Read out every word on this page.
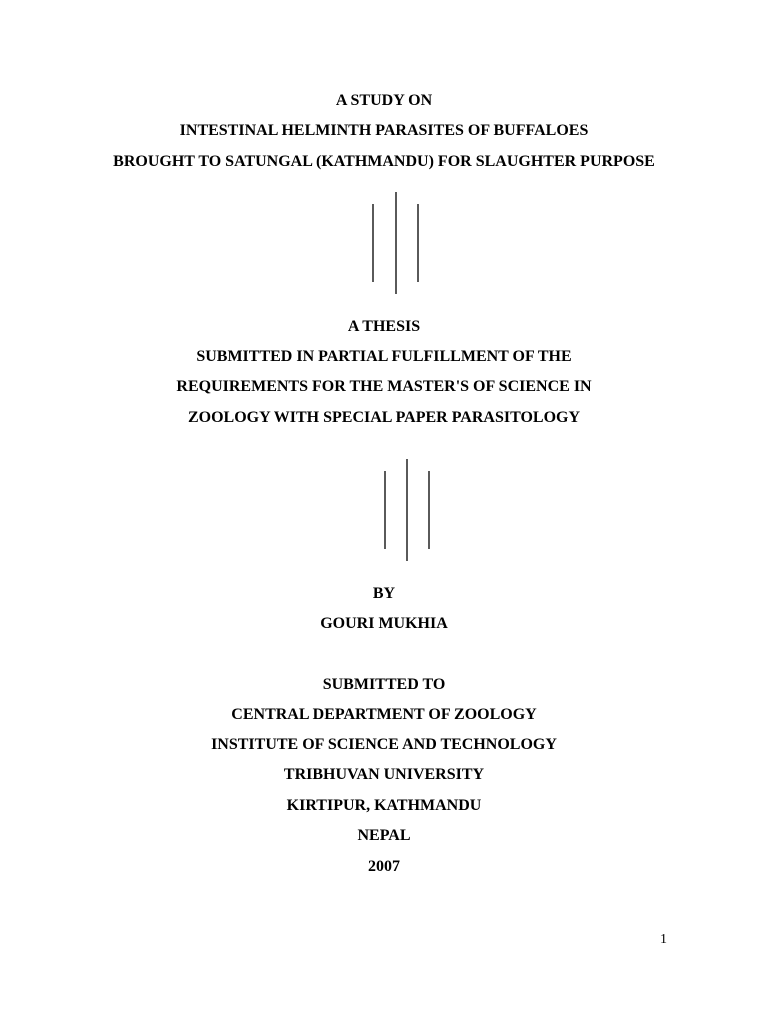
A STUDY ON
INTESTINAL HELMINTH PARASITES OF BUFFALOES
BROUGHT TO SATUNGAL (KATHMANDU) FOR SLAUGHTER PURPOSE
A THESIS
SUBMITTED IN PARTIAL FULFILLMENT OF THE
REQUIREMENTS FOR THE MASTER'S OF SCIENCE IN
ZOOLOGY WITH SPECIAL PAPER PARASITOLOGY
BY
GOURI MUKHIA
SUBMITTED TO
CENTRAL DEPARTMENT OF ZOOLOGY
INSTITUTE OF SCIENCE AND TECHNOLOGY
TRIBHUVAN UNIVERSITY
KIRTIPUR, KATHMANDU
NEPAL
2007
1
